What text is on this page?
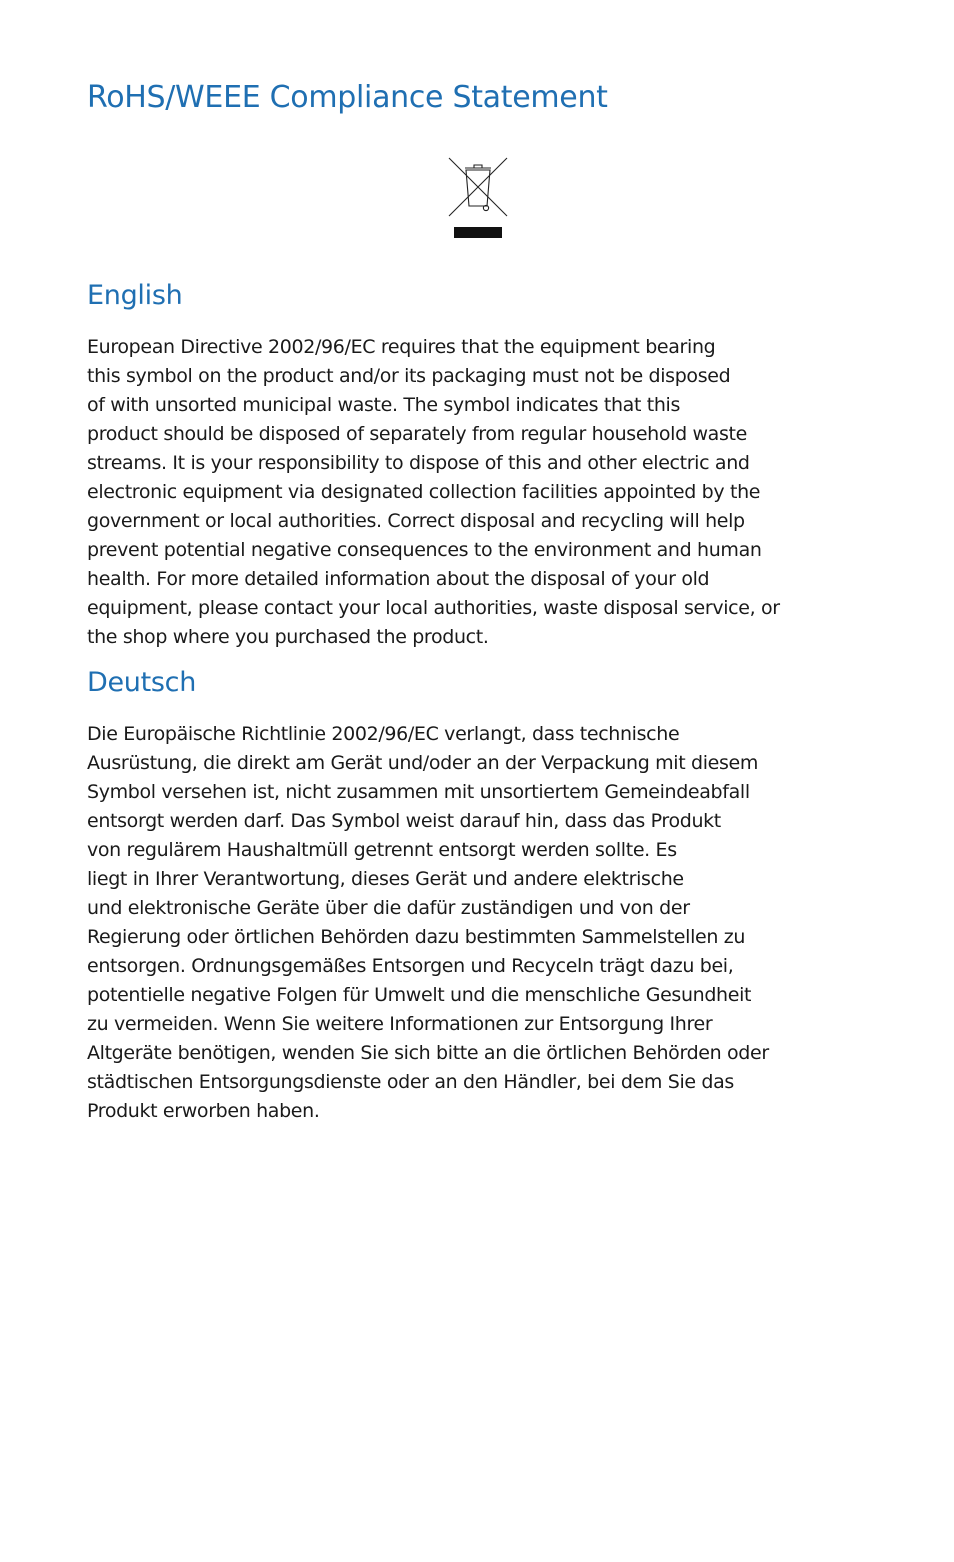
RoHS/WEEE Compliance Statement
English
European Directive 2002/96/EC requires that the equipment bearing
this symbol on the product and/or its packaging must not be disposed
of with unsorted municipal waste. The symbol indicates that this
product should be disposed of separately from regular household waste
streams. It is your responsibility to dispose of this and other electric and
electronic equipment via designated collection facilities appointed by the
government or local authorities. Correct disposal and recycling will help
prevent potential negative consequences to the environment and human
health. For more detailed information about the disposal of your old
equipment, please contact your local authorities, waste disposal service, or
the shop where you purchased the product.
Deutsch
Die Europäische Richtlinie 2002/96/EC verlangt, dass technische
Ausrüstung, die direkt am Gerät und/oder an der Verpackung mit diesem
Symbol versehen ist, nicht zusammen mit unsortiertem Gemeindeabfall
entsorgt werden darf. Das Symbol weist darauf hin, dass das Produkt
von regulärem Haushaltmüll getrennt entsorgt werden sollte. Es
liegt in Ihrer Verantwortung, dieses Gerät und andere elektrische
und elektronische Geräte über die dafür zuständigen und von der
Regierung oder örtlichen Behörden dazu bestimmten Sammelstellen zu
entsorgen. Ordnungsgemäßes Entsorgen und Recyceln trägt dazu bei,
potentielle negative Folgen für Umwelt und die menschliche Gesundheit
zu vermeiden. Wenn Sie weitere Informationen zur Entsorgung Ihrer
Altgeräte benötigen, wenden Sie sich bitte an die örtlichen Behörden oder
städtischen Entsorgungsdienste oder an den Händler, bei dem Sie das
Produkt erworben haben.
